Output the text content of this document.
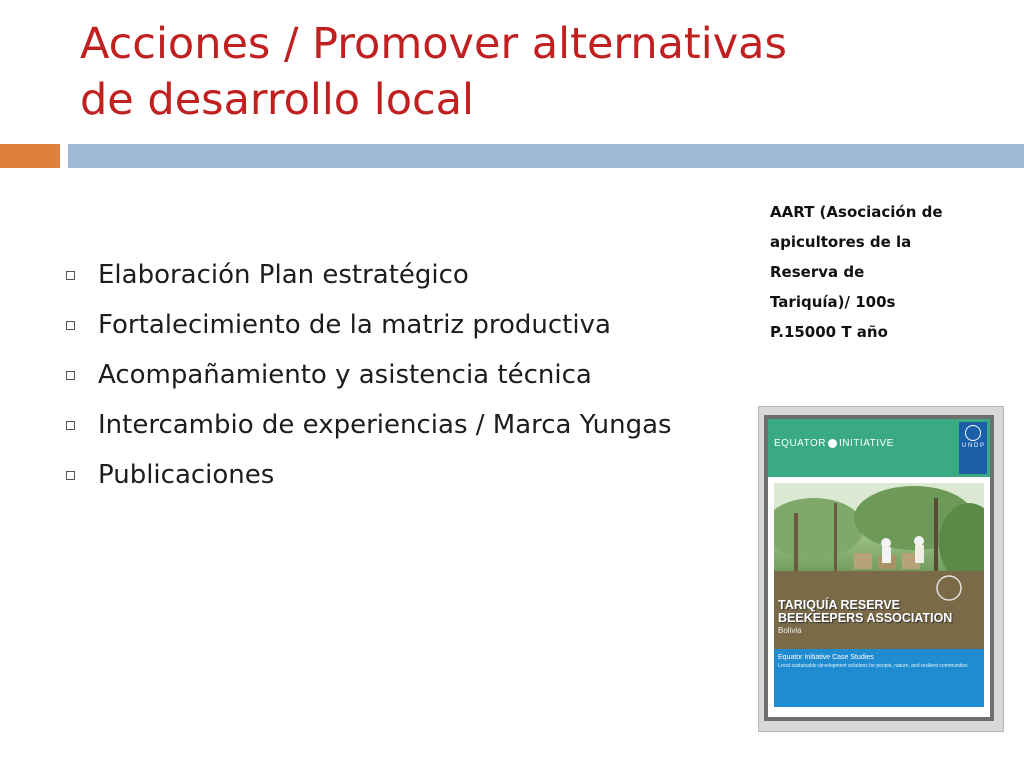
Acciones / Promover alternativas
de desarrollo local
Elaboración Plan estratégico
Fortalecimiento de la matriz productiva
Acompañamiento y asistencia técnica
Intercambio de experiencias / Marca Yungas
Publicaciones
AART (Asociación de
apicultores de la
Reserva de
Tariquía)/ 100s
P.15000 T año
EQUATOR INITIATIVE	U N D P
TARIQUÍA RESERVE
BEEKEEPERS ASSOCIATION
Bolivia
Equator Initiative Case Studies
Local sustainable development solutions for people, nature, and resilient communities
